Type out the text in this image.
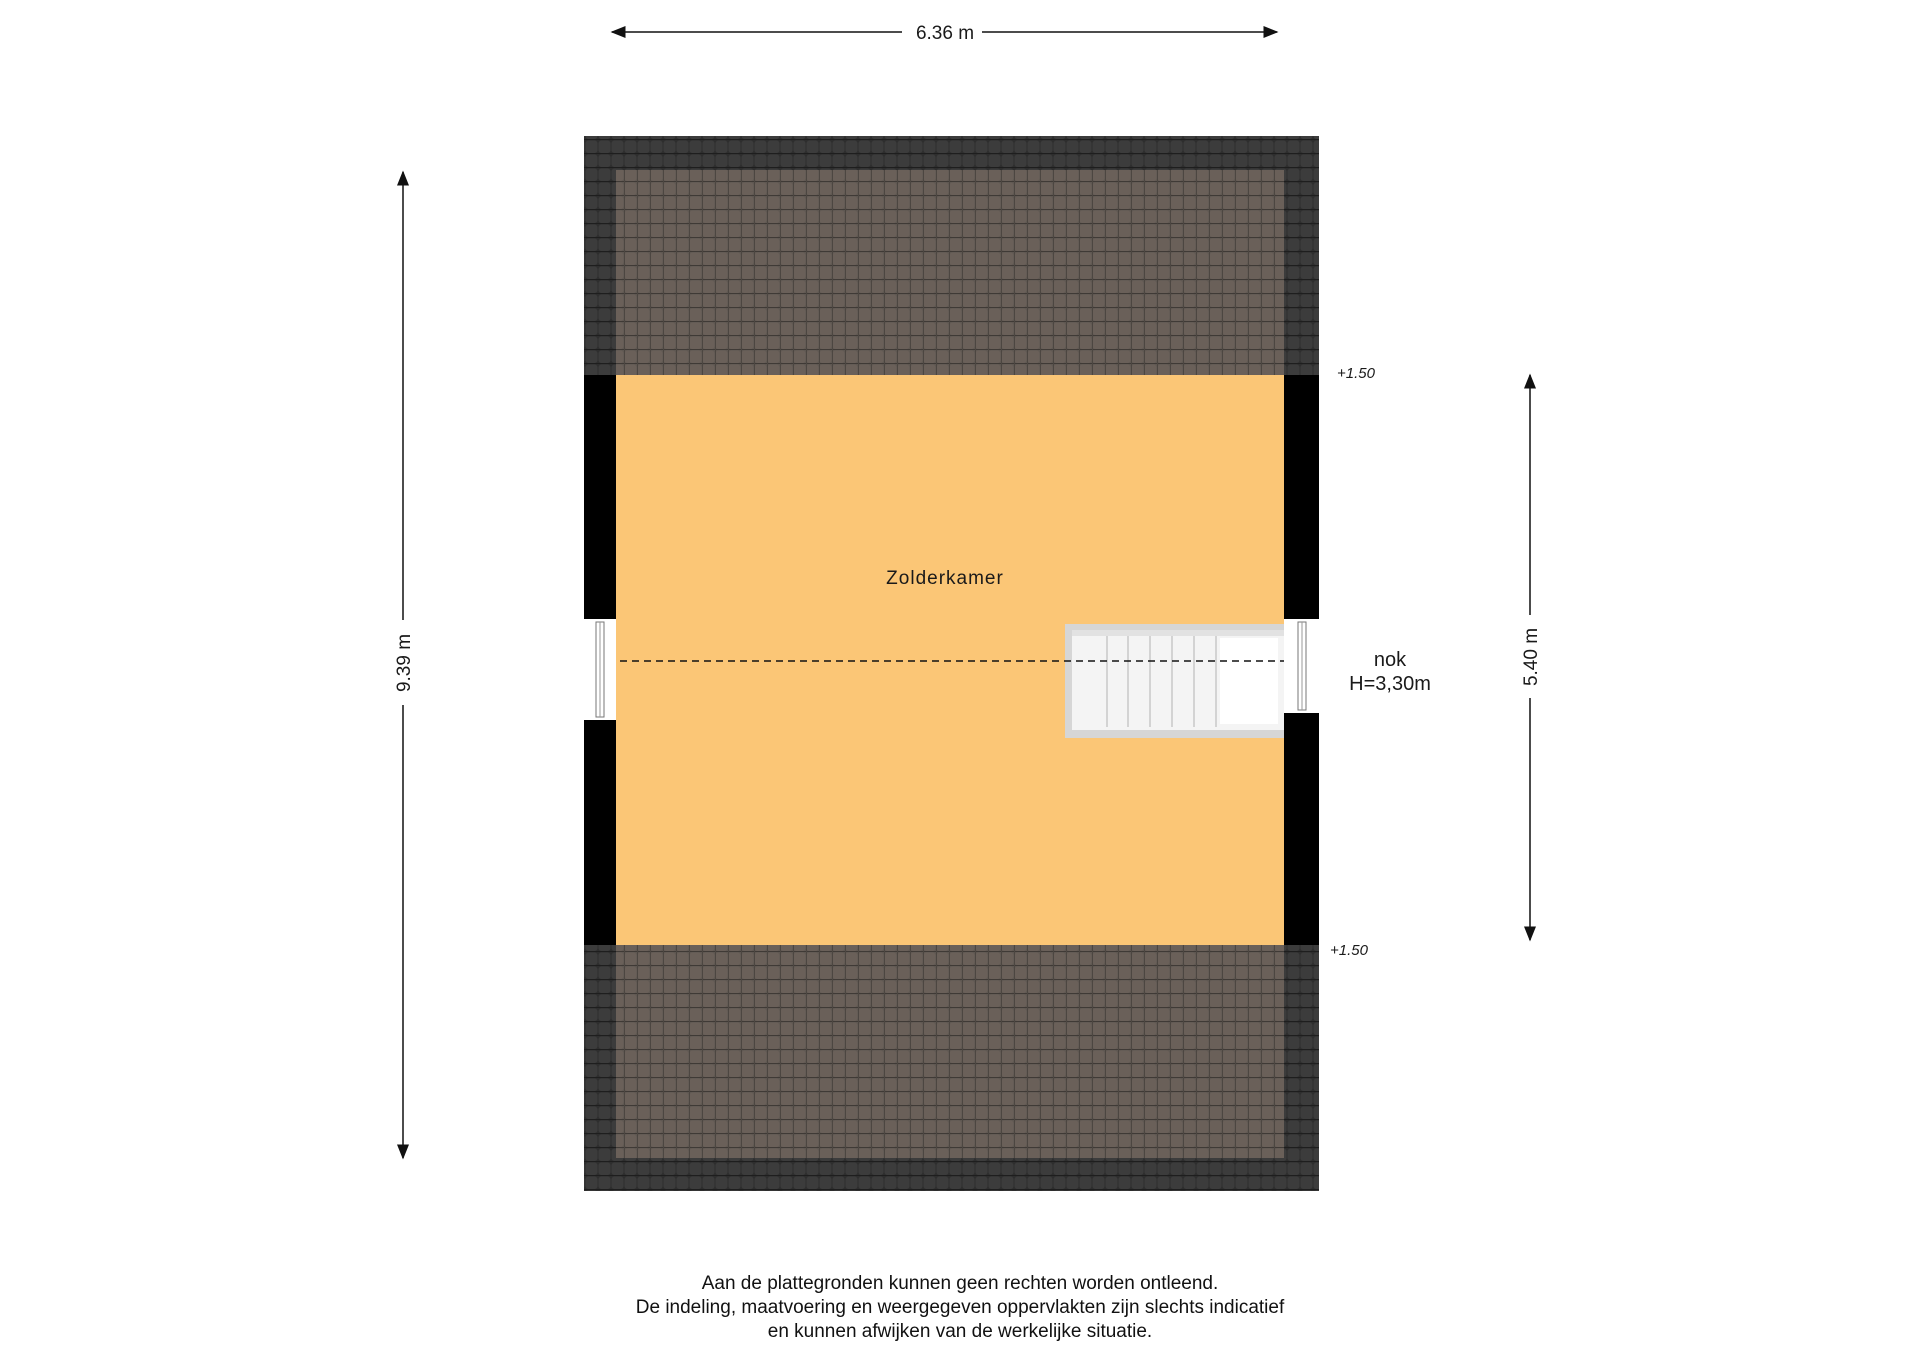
6.36 m
9.39 m	5.40 m
Zolderkamer
+1.50
+1.50
nok
H=3,30m
Aan de plattegronden kunnen geen rechten worden ontleend.
De indeling, maatvoering en weergegeven oppervlakten zijn slechts indicatief
en kunnen afwijken van de werkelijke situatie.
